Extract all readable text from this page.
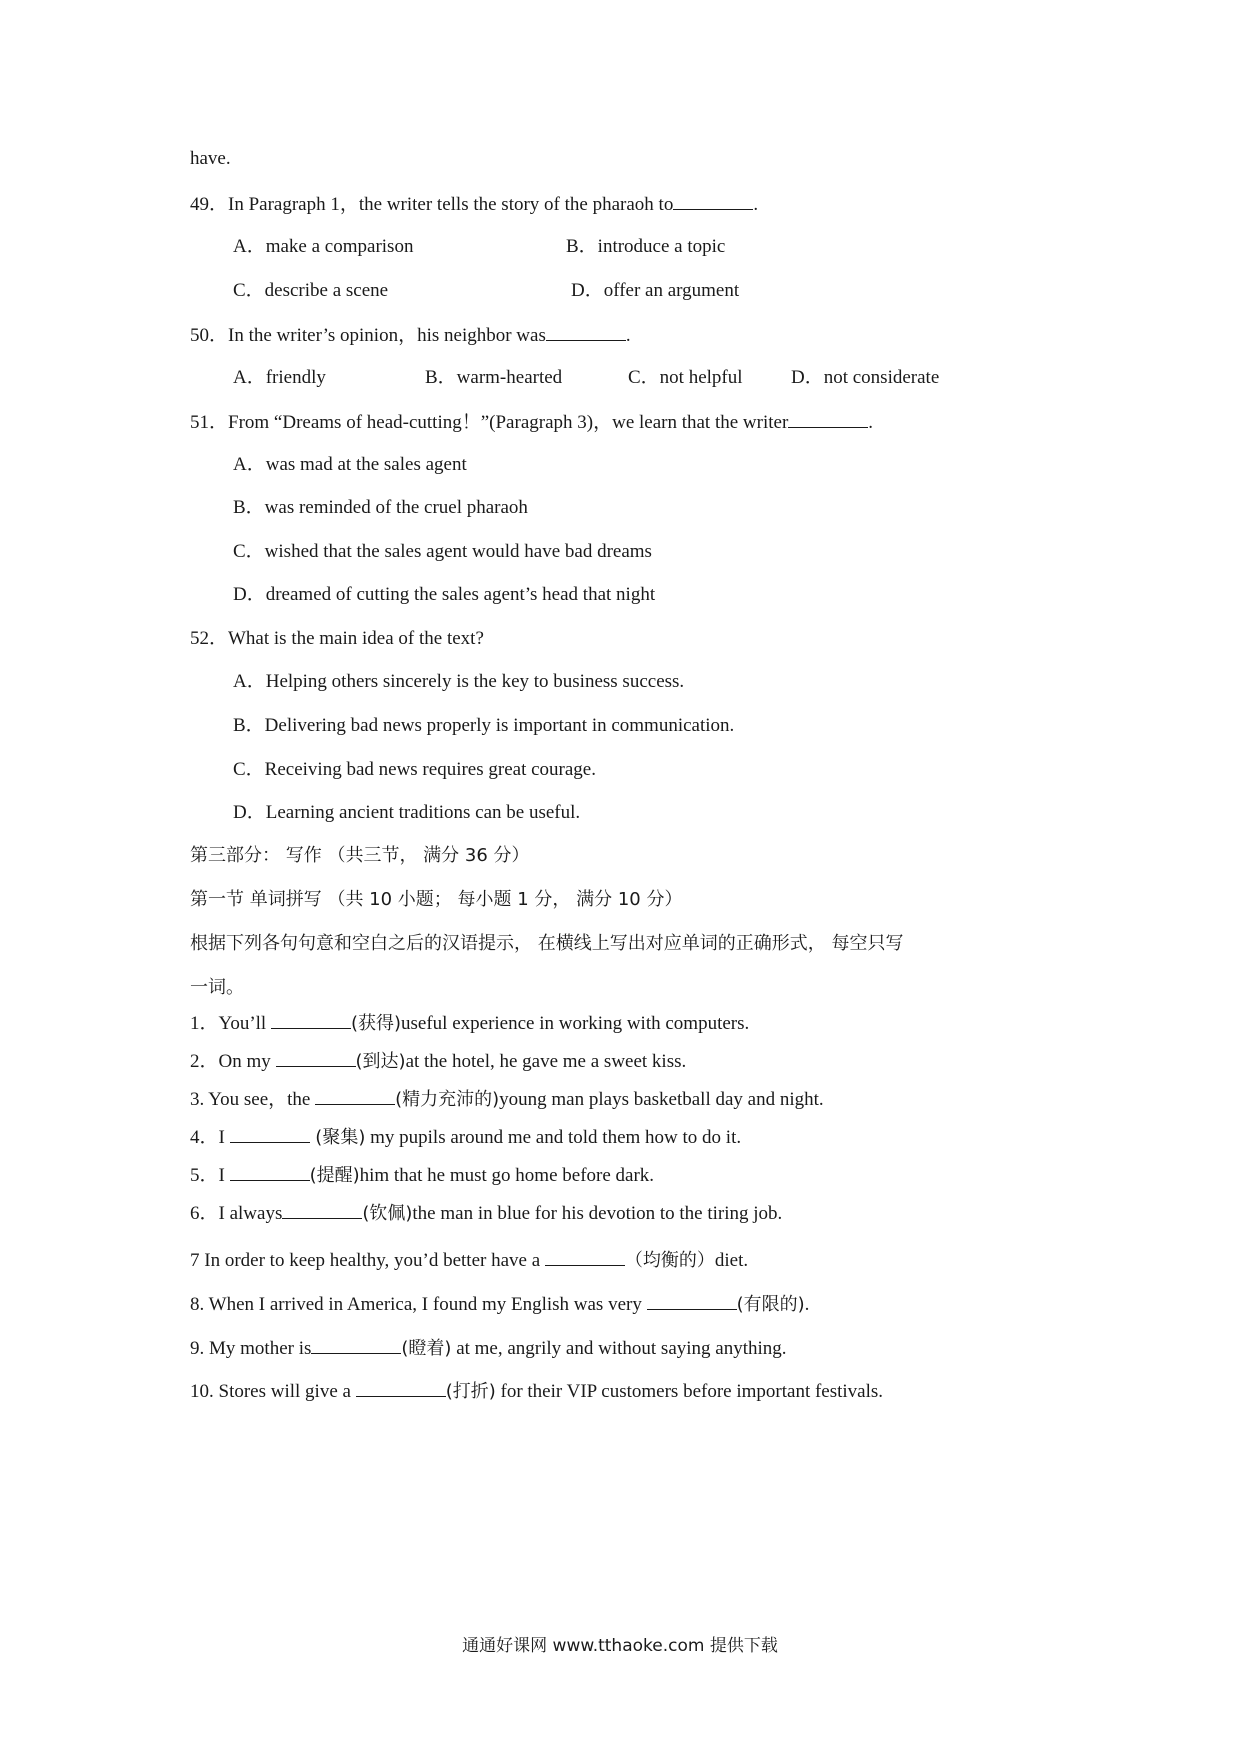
have.
49．In Paragraph 1，the writer tells the story of the pharaoh to	.
A．make a comparison	B．introduce a topic
C．describe a scene	D．offer an argument
50．In the writer’s opinion，his neighbor was	.
A．friendly	B．warm-hearted	C．not helpful	D．not considerate
51．From “Dreams of head-cutting！”(Paragraph 3)，we learn that the writer	.
A．was mad at the sales agent
B．was reminded of the cruel pharaoh
C．wished that the sales agent would have bad dreams
D．dreamed of cutting the sales agent’s head that night
52．What is the main idea of the text?
A．Helping others sincerely is the key to business success.
B．Delivering bad news properly is important in communication.
C．Receiving bad news requires great courage.
D．Learning ancient traditions can be useful.
第三部分： 写作 （共三节， 满分 36 分）
第一节 单词拼写 （共 10 小题； 每小题 1 分， 满分 10 分）
根据下列各句句意和空白之后的汉语提示， 在横线上写出对应单词的正确形式， 每空只写
一词。
1．You’ll	(获得)useful experience in working with computers.
2．On my	(到达)at the hotel, he gave me a sweet kiss.
3. You see，the	(精力充沛的)young man plays basketball day and night.
4．I	(聚集) my pupils around me and told them how to do it.
5．I	(提醒)him that he must go home before dark.
6．I always	(钦佩)the man in blue for his devotion to the tiring job.
7 In order to keep healthy, you’d better have a	（均衡的）diet.
8. When I arrived in America, I found my English was very	(有限的).
9. My mother is	(瞪着) at me, angrily and without saying anything.
10. Stores will give a	(打折) for their VIP customers before important festivals.
通通好课网 www.tthaoke.com 提供下载
